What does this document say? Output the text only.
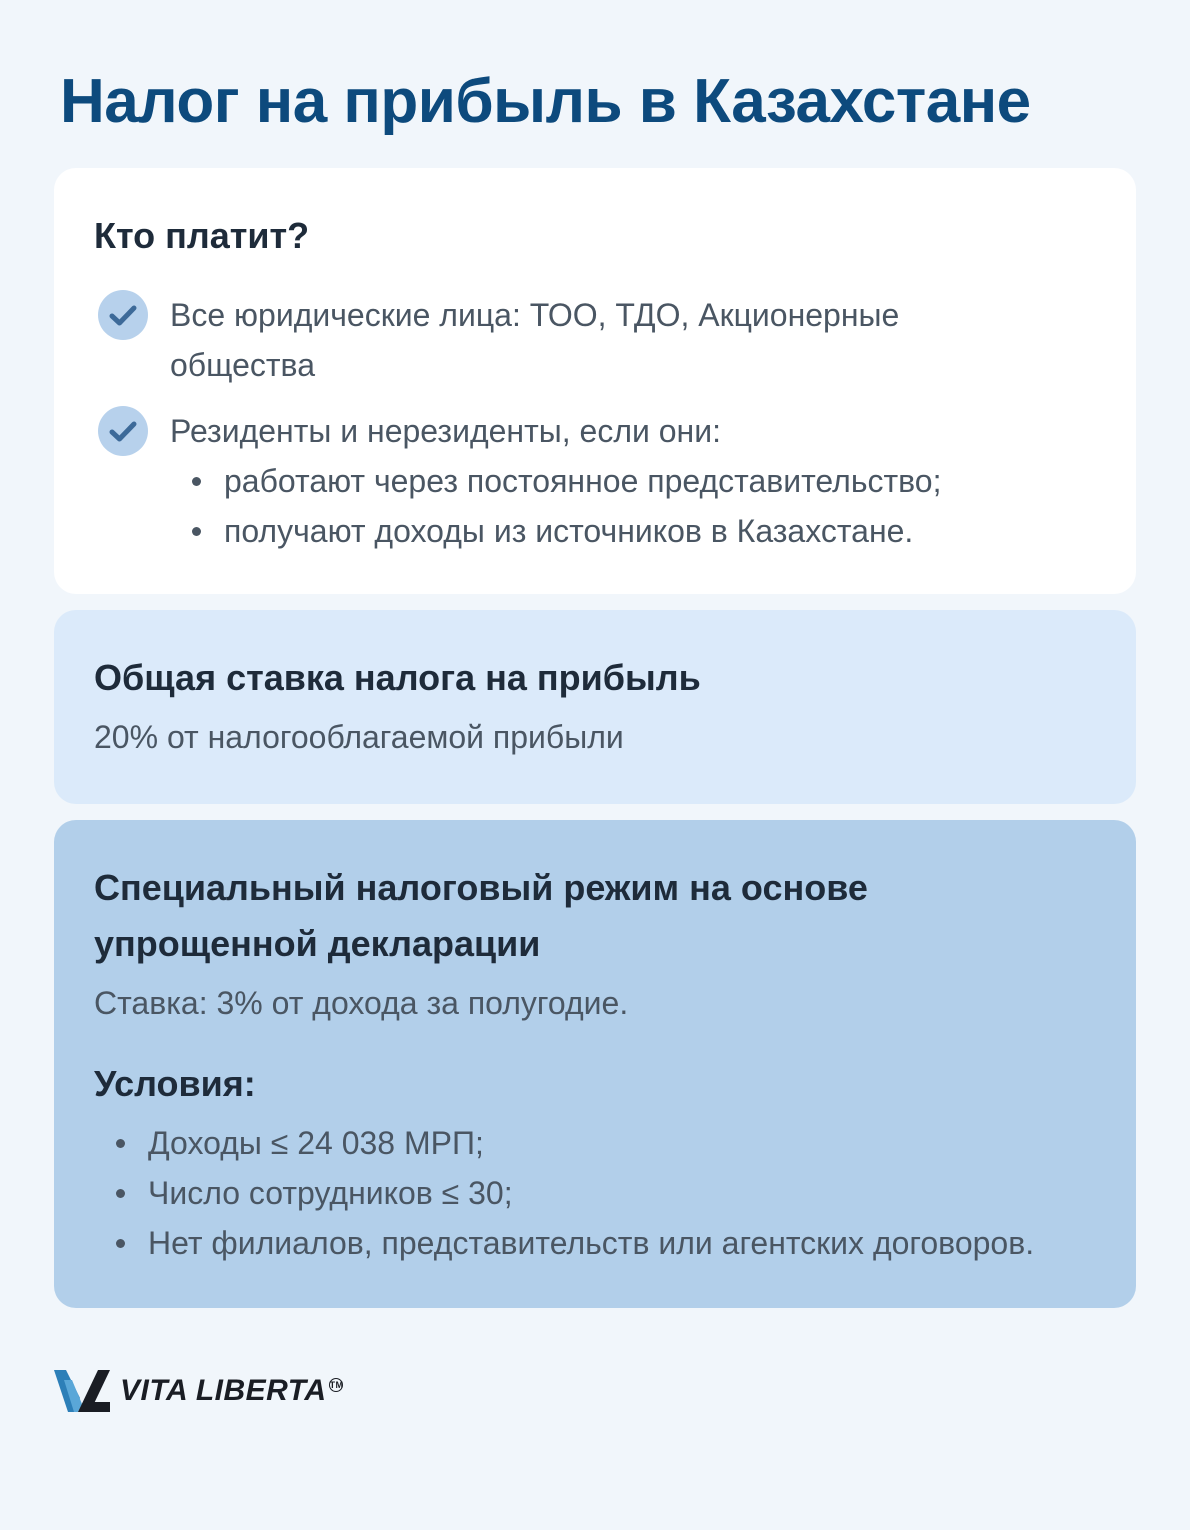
Налог на прибыль в Казахстане
Кто платит?
Все юридические лица: ТОО, ТДО, Акционерные
общества
Резиденты и нерезиденты, если они:
работают через постоянное представительство;
получают доходы из источников в Казахстане.
Общая ставка налога на прибыль

20% от налогооблагаемой прибыли

Специальный налоговый режим на основе
упрощенной декларации

Ставка: 3% от дохода за полугодие.

Условия:
Доходы ≤ 24 038 МРП;
Число сотрудников ≤ 30;
Нет филиалов, представительств или агентских договоров.
VITA LIBERTA TM
